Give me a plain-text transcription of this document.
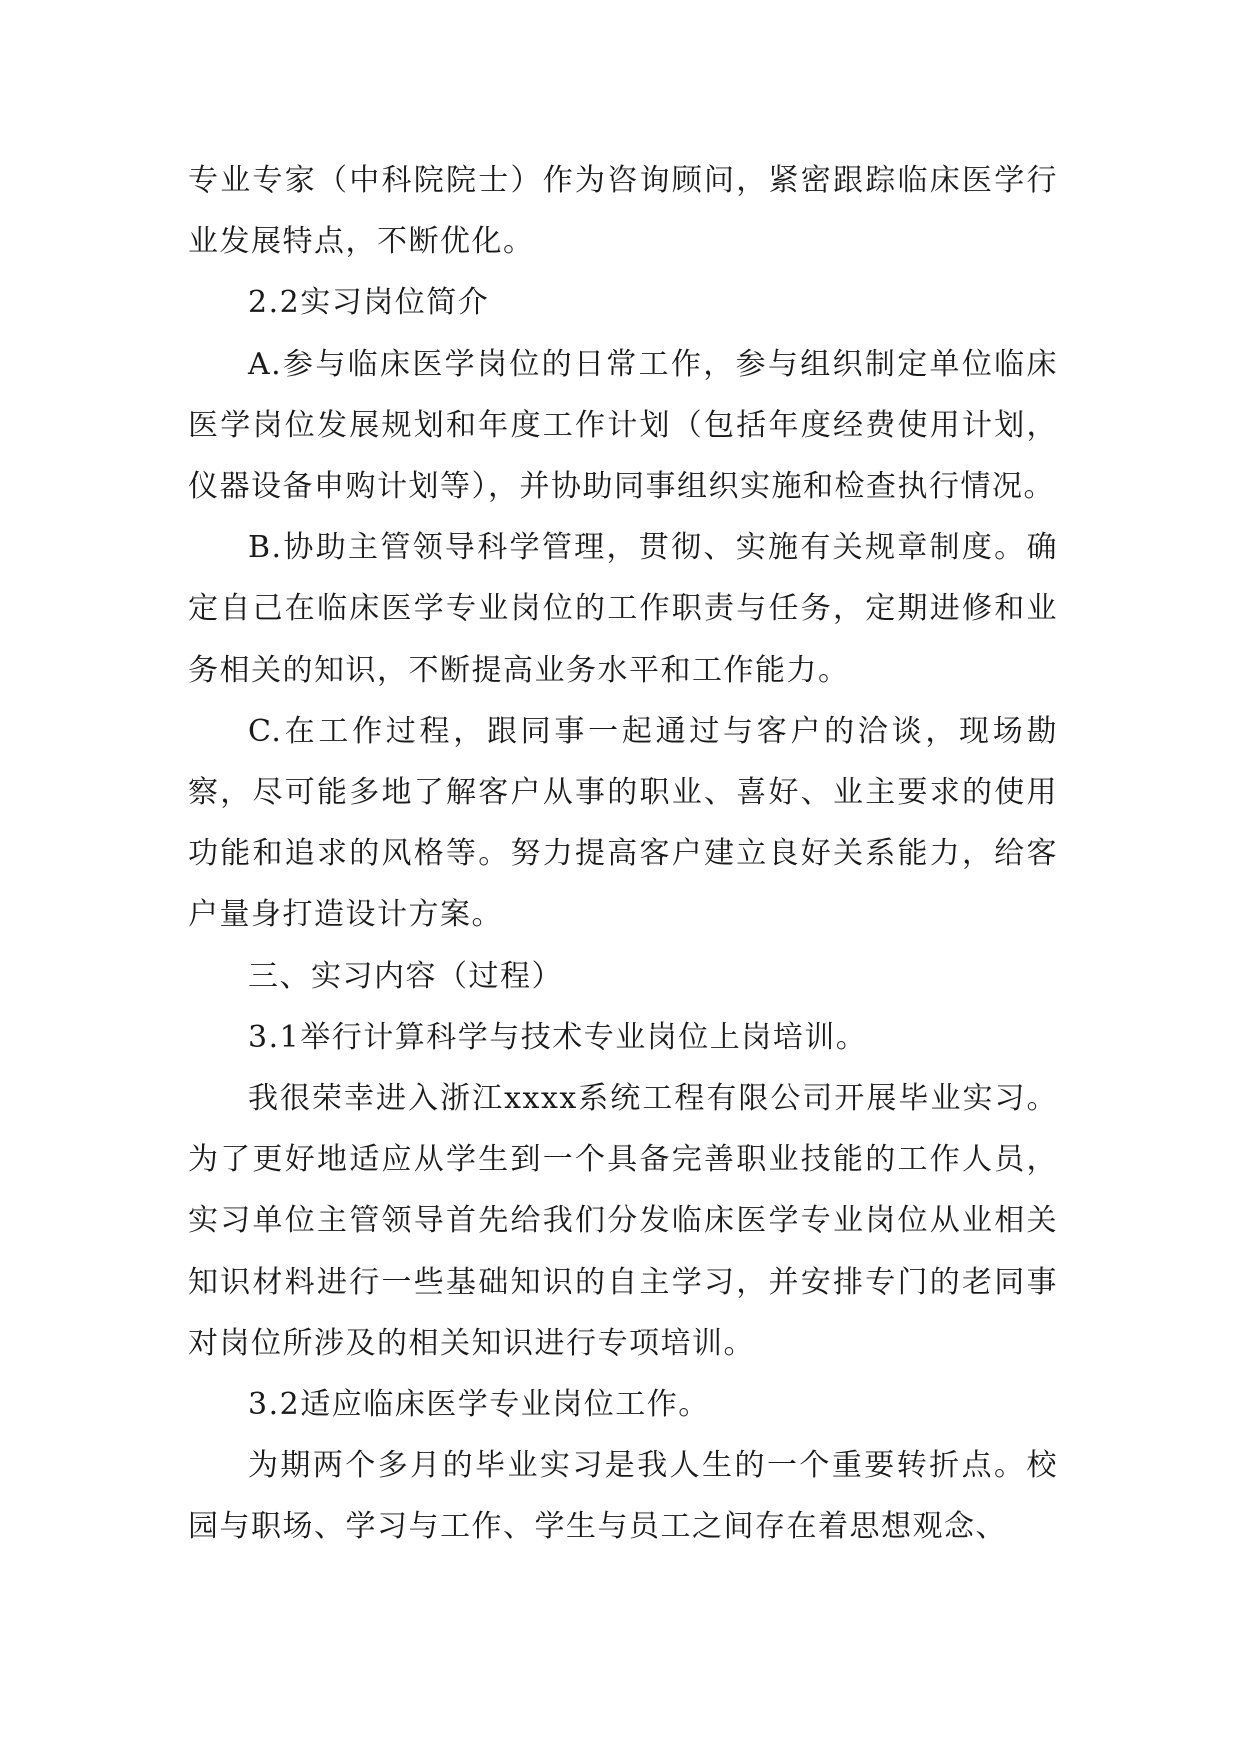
专业专家（中科院院士）作为咨询顾问，紧密跟踪临床医学行业发展特点，不断优化。

2.2实习岗位简介

A.参与临床医学岗位的日常工作，参与组织制定单位临床医学岗位发展规划和年度工作计划（包括年度经费使用计划，仪器设备申购计划等），并协助同事组织实施和检查执行情况。

B.协助主管领导科学管理，贯彻、实施有关规章制度。确定自己在临床医学专业岗位的工作职责与任务，定期进修和业务相关的知识，不断提高业务水平和工作能力。

C.在工作过程，跟同事一起通过与客户的洽谈，现场勘察，尽可能多地了解客户从事的职业、喜好、业主要求的使用功能和追求的风格等。努力提高客户建立良好关系能力，给客户量身打造设计方案。

三、实习内容（过程）

3.1举行计算科学与技术专业岗位上岗培训。

我很荣幸进入浙江xxxx系统工程有限公司开展毕业实习。为了更好地适应从学生到一个具备完善职业技能的工作人员，实习单位主管领导首先给我们分发临床医学专业岗位从业相关知识材料进行一些基础知识的自主学习，并安排专门的老同事对岗位所涉及的相关知识进行专项培训。

3.2适应临床医学专业岗位工作。

为期两个多月的毕业实习是我人生的一个重要转折点。校园与职场、学习与工作、学生与员工之间存在着思想观念、
